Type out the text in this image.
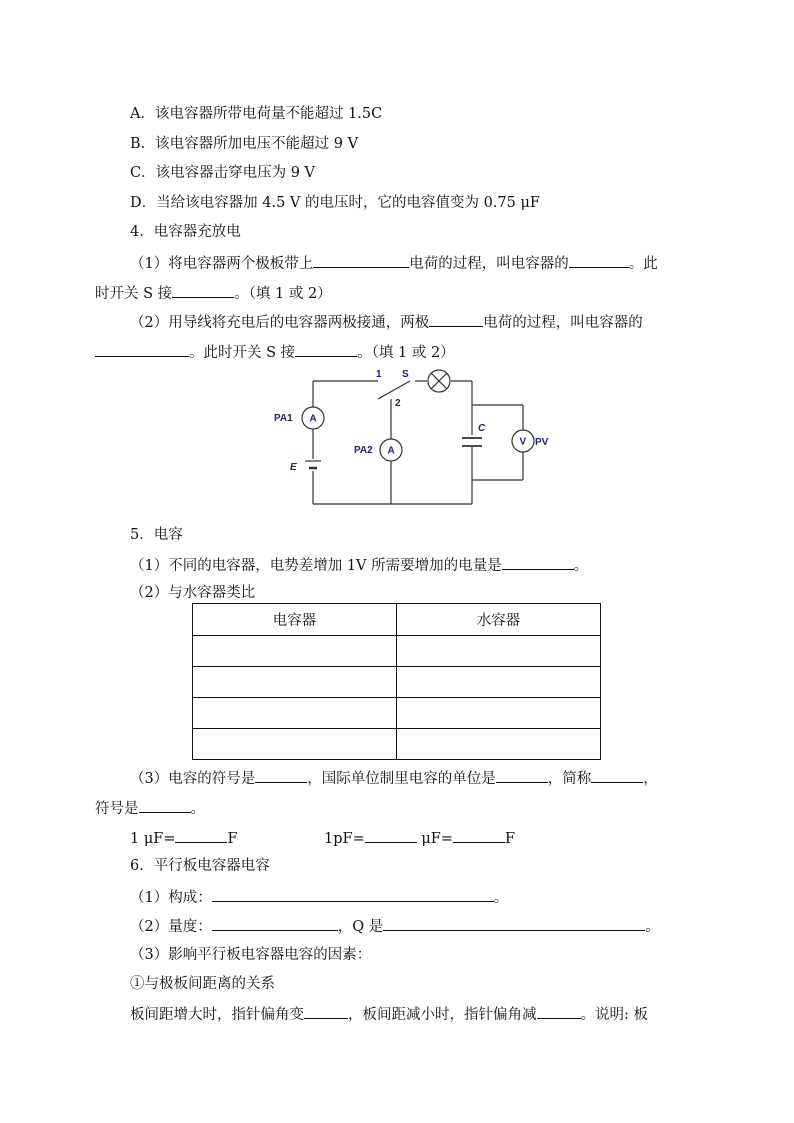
A．该电容器所带电荷量不能超过 1.5C
B．该电容器所加电压不能超过 9 V
C．该电容器击穿电压为 9 V
D．当给该电容器加 4.5 V 的电压时，它的电容值变为 0.75 μF
4．电容器充放电
（1）将电容器两个极板带上	电荷的过程，叫电容器的	。此
时开关 S 接	。（填 1 或 2）
（2）用导线将充电后的电容器两极接通，两极	电荷的过程，叫电容器的
。此时开关 S 接	。（填 1 或 2）
A
A
V
PA1
PA2
PV
E
C
S
1
2
5．电容
（1）不同的电容器，电势差增加 1V 所需要增加的电量是	。
（2）与水容器类比
电容器	水容器

（3）电容的符号是	，国际单位制里电容的单位是	，简称	，
符号是	。
1 μF=	F	1pF=	μF=	F
6．平行板电容器电容
（1）构成：	。
（2）量度：	，Q 是	。
（3）影响平行板电容器电容的因素：
①与极板间距离的关系
板间距增大时，指针偏角变	，板间距减小时，指针偏角减	。说明: 板
